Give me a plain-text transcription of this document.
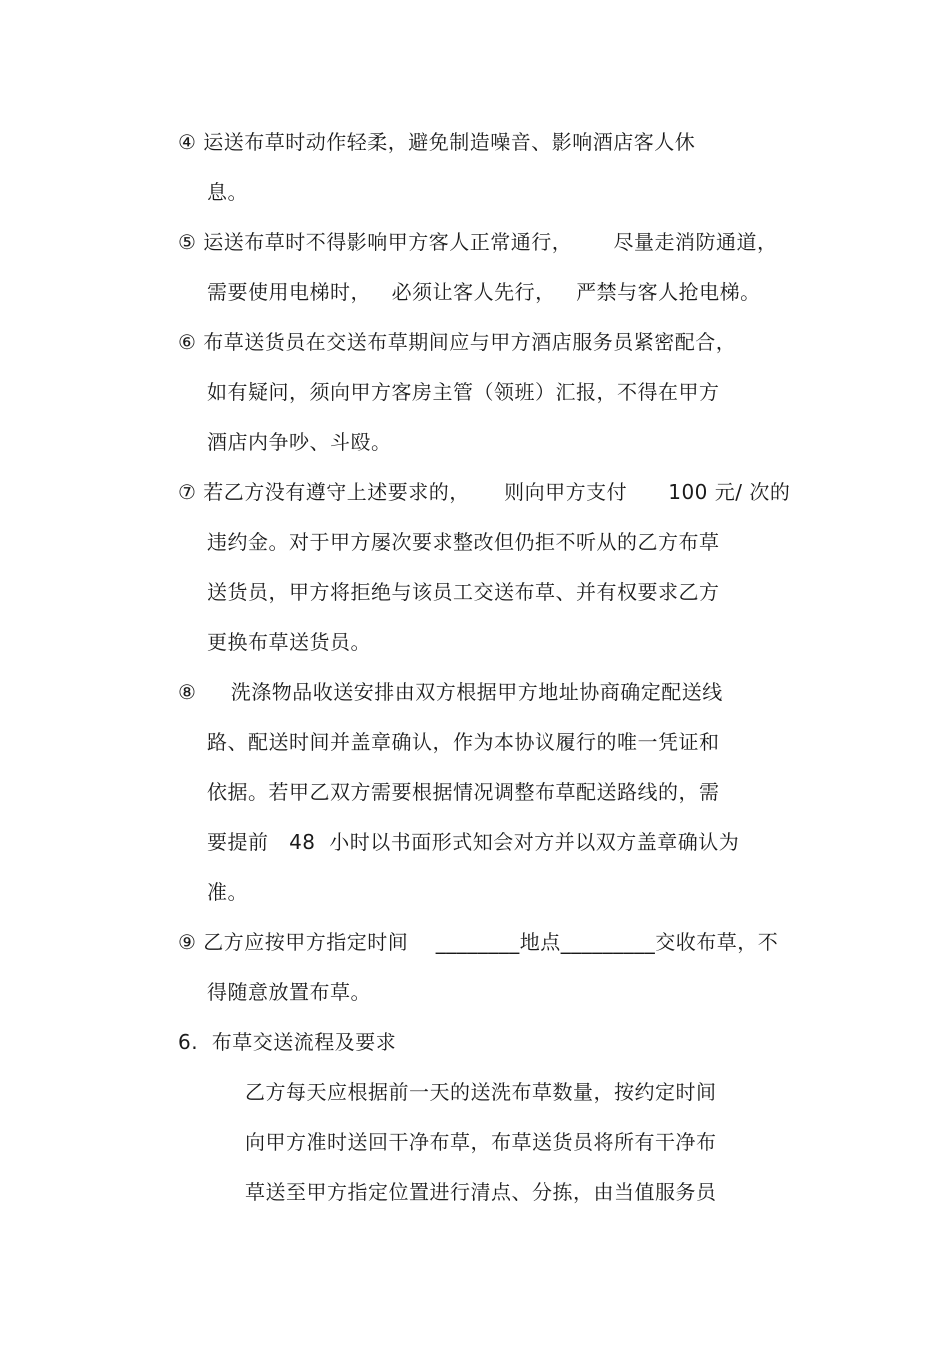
④ 运送布草时动作轻柔，避免制造噪音、影响酒店客人休
息。
⑤ 运送布草时不得影响甲方客人正常通行，      尽量走消防通道，
需要使用电梯时，   必须让客人先行，   严禁与客人抢电梯。
⑥ 布草送货员在交送布草期间应与甲方酒店服务员紧密配合，
如有疑问，须向甲方客房主管（领班）汇报，不得在甲方
酒店内争吵、斗殴。
⑦ 若乙方没有遵守上述要求的，     则向甲方支付      100 元/ 次的
违约金。对于甲方屡次要求整改但仍拒不听从的乙方布草
送货员，甲方将拒绝与该员工交送布草、并有权要求乙方
更换布草送货员。
⑧     洗涤物品收送安排由双方根据甲方地址协商确定配送线
路、配送时间并盖章确认，作为本协议履行的唯一凭证和
依据。若甲乙双方需要根据情况调整布草配送路线的，需
要提前   48  小时以书面形式知会对方并以双方盖章确认为
准。
⑨ 乙方应按甲方指定时间    ________地点_________交收布草，不
得随意放置布草。
6.  布草交送流程及要求
乙方每天应根据前一天的送洗布草数量，按约定时间
向甲方准时送回干净布草，布草送货员将所有干净布
草送至甲方指定位置进行清点、分拣，由当值服务员
